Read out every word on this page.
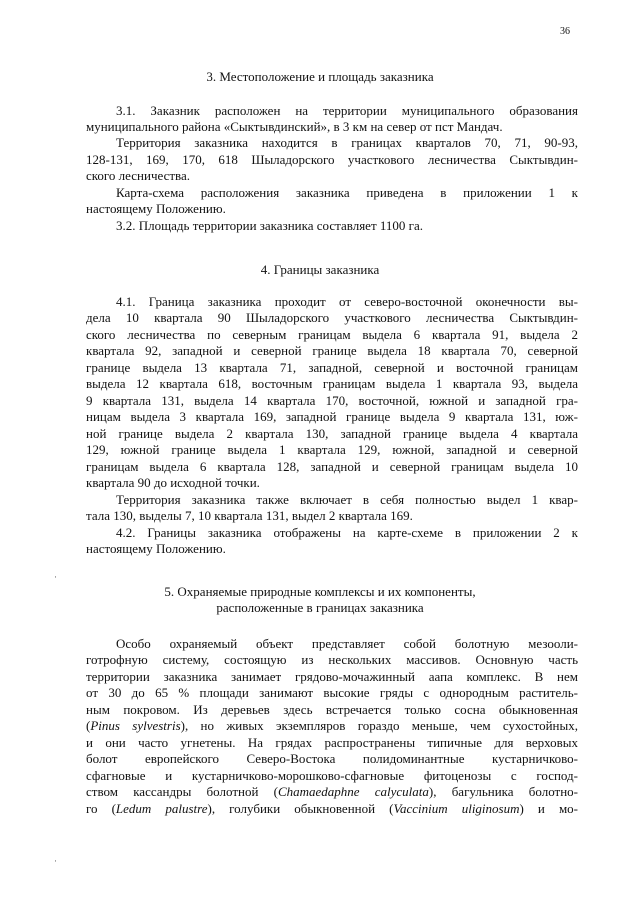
36
3. Местоположение и площадь заказника
3.1. Заказник расположен на территории муниципального образования
муниципального района «Сыктывдинский», в 3 км на север от пст Мандач.
Территория заказника находится в границах кварталов 70, 71, 90-93,
128-131, 169, 170, 618 Шыладорского участкового лесничества Сыктывдин-
ского лесничества.
Карта-схема расположения заказника приведена в приложении 1 к
настоящему Положению.
3.2. Площадь территории заказника составляет 1100 га.
4. Границы заказника
4.1. Граница заказника проходит от северо-восточной оконечности вы-
дела 10 квартала 90 Шыладорского участкового лесничества Сыктывдин-
ского лесничества по северным границам выдела 6 квартала 91, выдела 2
квартала 92, западной и северной границе выдела 18 квартала 70, северной
границе выдела 13 квартала 71, западной, северной и восточной границам
выдела 12 квартала 618, восточным границам выдела 1 квартала 93, выдела
9 квартала 131, выдела 14 квартала 170, восточной, южной и западной гра-
ницам выдела 3 квартала 169, западной границе выдела 9 квартала 131, юж-
ной границе выдела 2 квартала 130, западной границе выдела 4 квартала
129, южной границе выдела 1 квартала 129, южной, западной и северной
границам выдела 6 квартала 128, западной и северной границам выдела 10
квартала 90 до исходной точки.
Территория заказника также включает в себя полностью выдел 1 квар-
тала 130, выделы 7, 10 квартала 131, выдел 2 квартала 169.
4.2. Границы заказника отображены на карте-схеме в приложении 2 к
настоящему Положению.
5. Охраняемые природные комплексы и их компоненты,
расположенные в границах заказника
Особо охраняемый объект представляет собой болотную мезооли-
готрофную систему, состоящую из нескольких массивов. Основную часть
территории заказника занимает грядово-мочажинный аапа комплекс. В нем
от 30 до 65 % площади занимают высокие гряды с однородным раститель-
ным покровом. Из деревьев здесь встречается только сосна обыкновенная
(Pinus sylvestris), но живых экземпляров гораздо меньше, чем сухостойных,
и они часто угнетены. На грядах распространены типичные для верховых
болот европейского Северо-Востока полидоминантные кустарничково-
сфагновые и кустарничково-морошково-сфагновые фитоценозы с господ-
ством кассандры болотной (Chamaedaphne calyculata), багульника болотно-
го (Ledum palustre), голубики обыкновенной (Vaccinium uliginosum) и мо-
·
·
